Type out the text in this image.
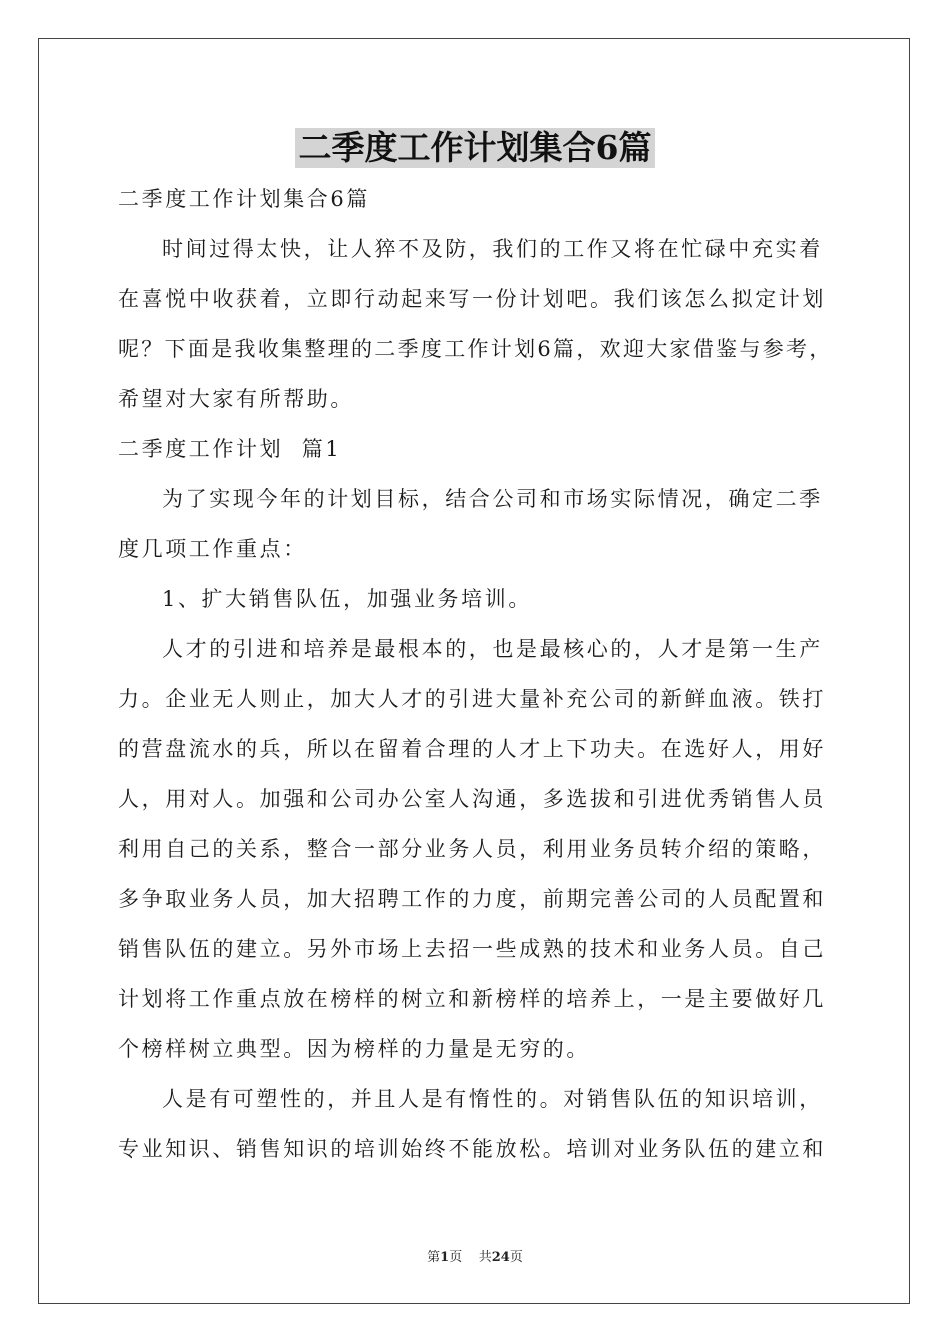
二季度工作计划集合6篇
二季度工作计划集合6篇
时间过得太快，让人猝不及防，我们的工作又将在忙碌中充实着
在喜悦中收获着，立即行动起来写一份计划吧。我们该怎么拟定计划
呢？下面是我收集整理的二季度工作计划6篇，欢迎大家借鉴与参考，
希望对大家有所帮助。
二季度工作计划  篇1
为了实现今年的计划目标，结合公司和市场实际情况，确定二季
度几项工作重点：
1、扩大销售队伍，加强业务培训。
人才的引进和培养是最根本的，也是最核心的，人才是第一生产
力。企业无人则止，加大人才的引进大量补充公司的新鲜血液。铁打
的营盘流水的兵，所以在留着合理的人才上下功夫。在选好人，用好
人，用对人。加强和公司办公室人沟通，多选拔和引进优秀销售人员
利用自己的关系，整合一部分业务人员，利用业务员转介绍的策略，
多争取业务人员，加大招聘工作的力度，前期完善公司的人员配置和
销售队伍的建立。另外市场上去招一些成熟的技术和业务人员。自己
计划将工作重点放在榜样的树立和新榜样的培养上，一是主要做好几
个榜样树立典型。因为榜样的力量是无穷的。
人是有可塑性的，并且人是有惰性的。对销售队伍的知识培训，
专业知识、销售知识的培训始终不能放松。培训对业务队伍的建立和
第1页 共24页
